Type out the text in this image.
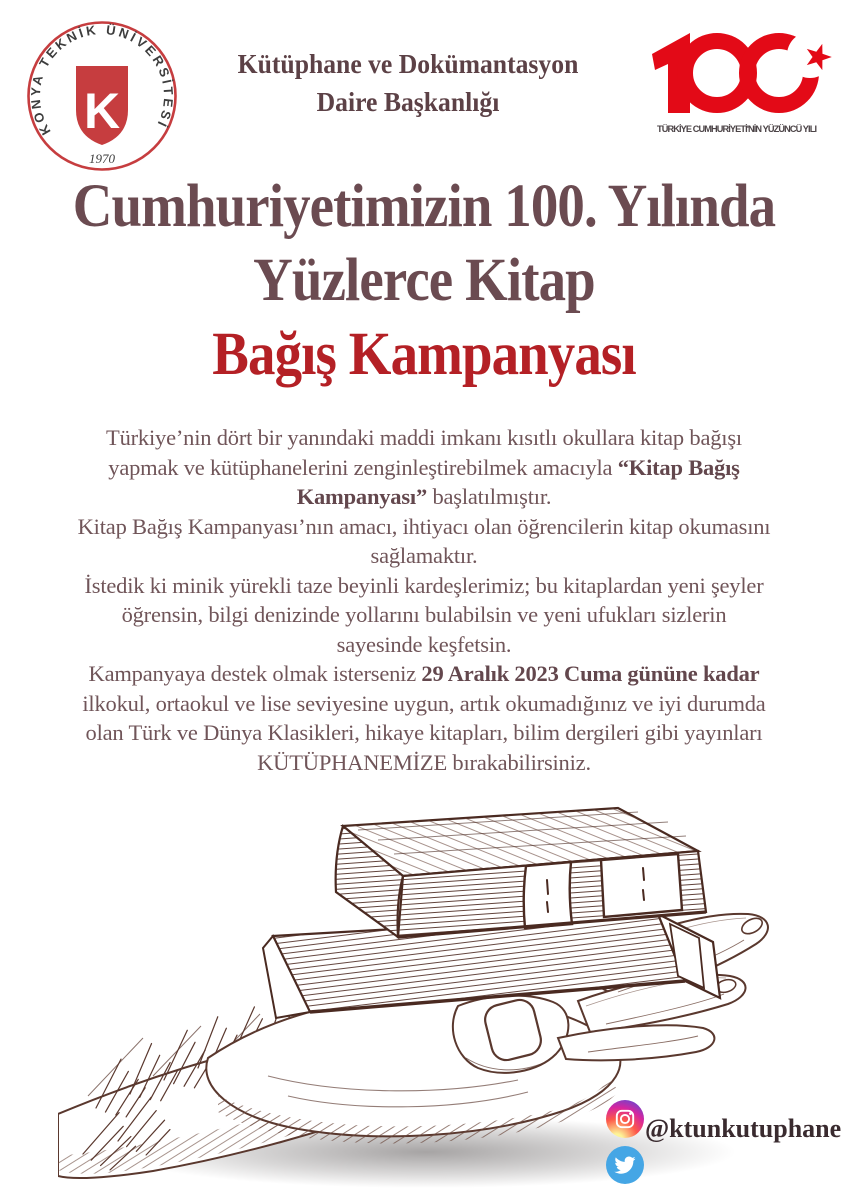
KONYA TEKNİK ÜNİVERSİTESİ
K
1970
Kütüphane ve Dokümantasyon
Daire Başkanlığı
TÜRKİYE CUMHURİYETİ'NİN YÜZÜNCÜ YILI
Cumhuriyetimizin 100. Yılında
Yüzlerce Kitap
Bağış Kampanyası
Türkiye’nin dört bir yanındaki maddi imkanı kısıtlı okullara kitap bağışı
yapmak ve kütüphanelerini zenginleştirebilmek amacıyla “Kitap Bağış
Kampanyası” başlatılmıştır.
Kitap Bağış Kampanyası’nın amacı, ihtiyacı olan öğrencilerin kitap okumasını
sağlamaktır.
İstedik ki minik yürekli taze beyinli kardeşlerimiz; bu kitaplardan yeni şeyler
öğrensin, bilgi denizinde yollarını bulabilsin ve yeni ufukları sizlerin
sayesinde keşfetsin.
Kampanyaya destek olmak isterseniz 29 Aralık 2023 Cuma gününe kadar
ilkokul, ortaokul ve lise seviyesine uygun, artık okumadığınız ve iyi durumda
olan Türk ve Dünya Klasikleri, hikaye kitapları, bilim dergileri gibi yayınları
KÜTÜPHANEMİZE bırakabilirsiniz.
@ktunkutuphane
